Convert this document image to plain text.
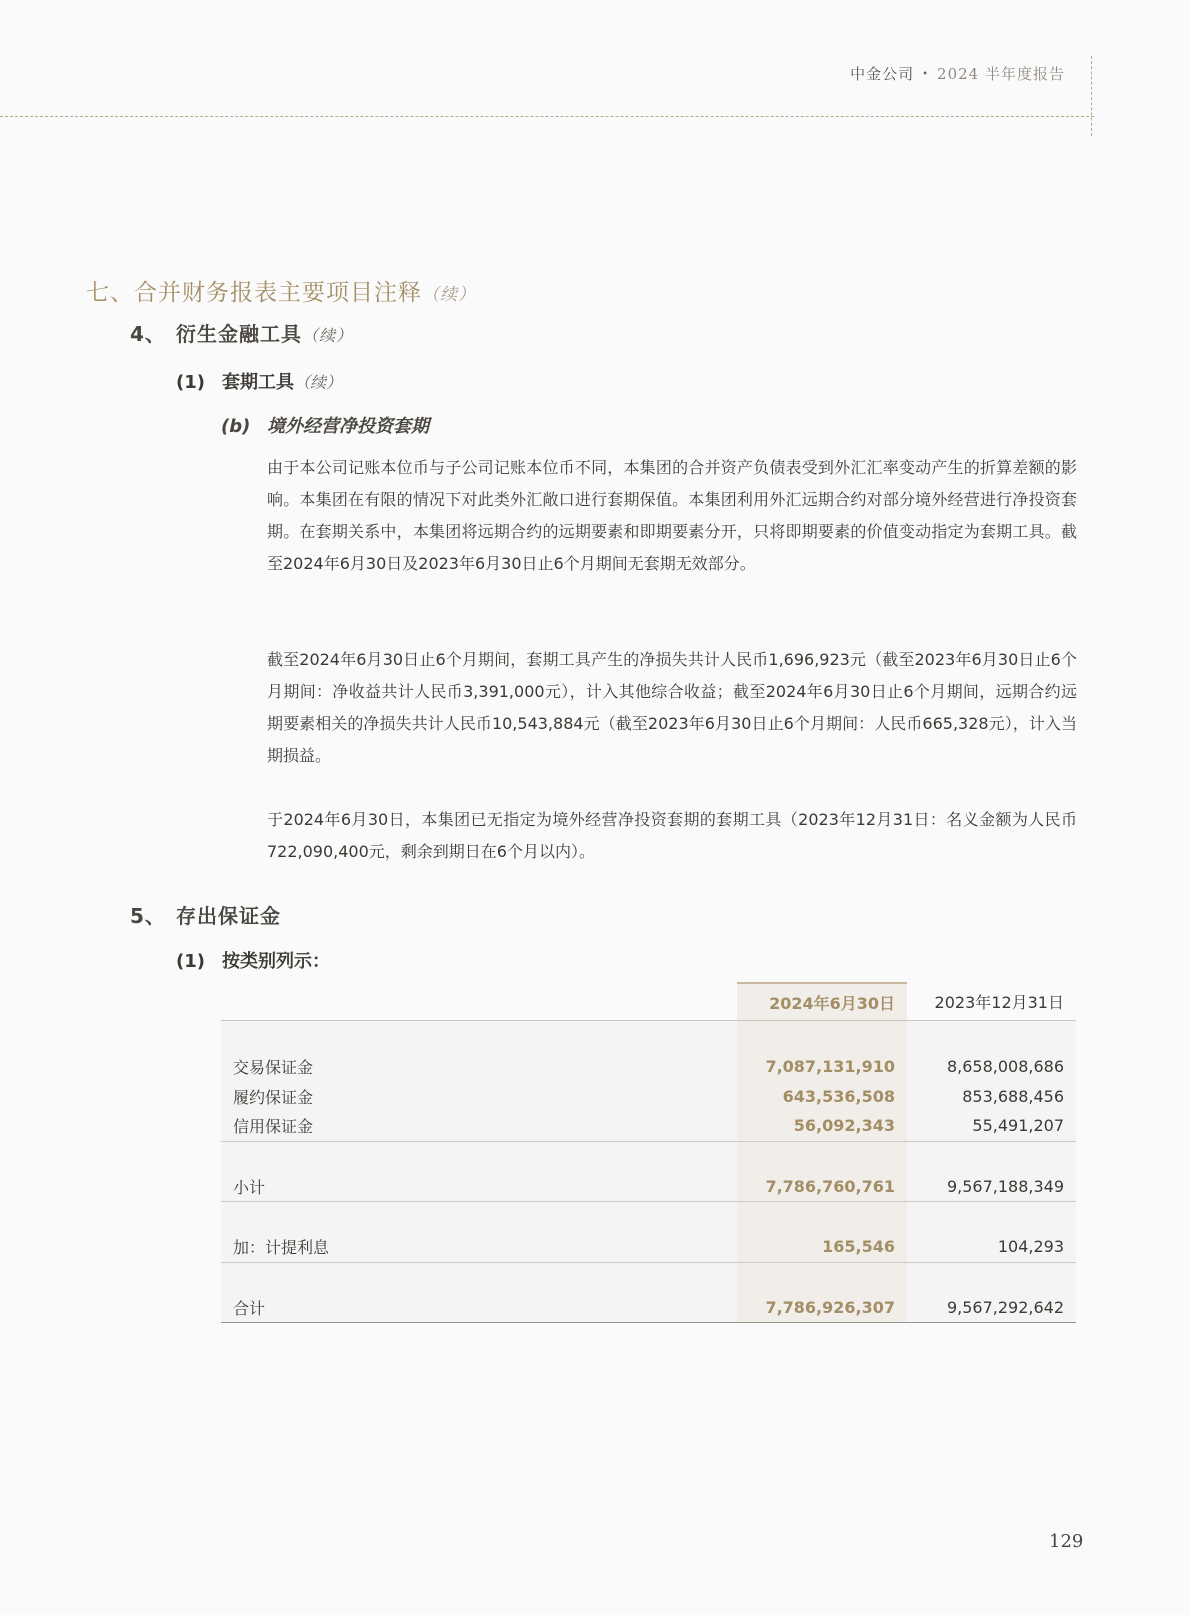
中金公司 • 2024 半年度报告
七、合并财务报表主要项目注释（续）
4、 衍生金融工具（续）
(1) 套期工具（续）
(b) 境外经营净投资套期
由于本公司记账本位币与子公司记账本位币不同，本集团的合并资产负债表受到外汇汇率变动产生的折算差额的影响。本集团在有限的情况下对此类外汇敞口进行套期保值。本集团利用外汇远期合约对部分境外经营进行净投资套期。在套期关系中，本集团将远期合约的远期要素和即期要素分开，只将即期要素的价值变动指定为套期工具。截至2024年6月30日及2023年6月30日止6个月期间无套期无效部分。
截至2024年6月30日止6个月期间，套期工具产生的净损失共计人民币1,696,923元（截至2023年6月30日止6个月期间：净收益共计人民币3,391,000元），计入其他综合收益；截至2024年6月30日止6个月期间，远期合约远期要素相关的净损失共计人民币10,543,884元（截至2023年6月30日止6个月期间：人民币665,328元），计入当期损益。
于2024年6月30日，本集团已无指定为境外经营净投资套期的套期工具（2023年12月31日：名义金额为人民币722,090,400元，剩余到期日在6个月以内）。
5、 存出保证金
(1) 按类别列示：
	2024年6月30日	2023年12月31日

交易保证金	7,087,131,910	8,658,008,686
履约保证金	643,536,508	853,688,456
信用保证金	56,092,343	55,491,207

小计	7,786,760,761	9,567,188,349

加：计提利息	165,546	104,293

合计	7,786,926,307	9,567,292,642
129
